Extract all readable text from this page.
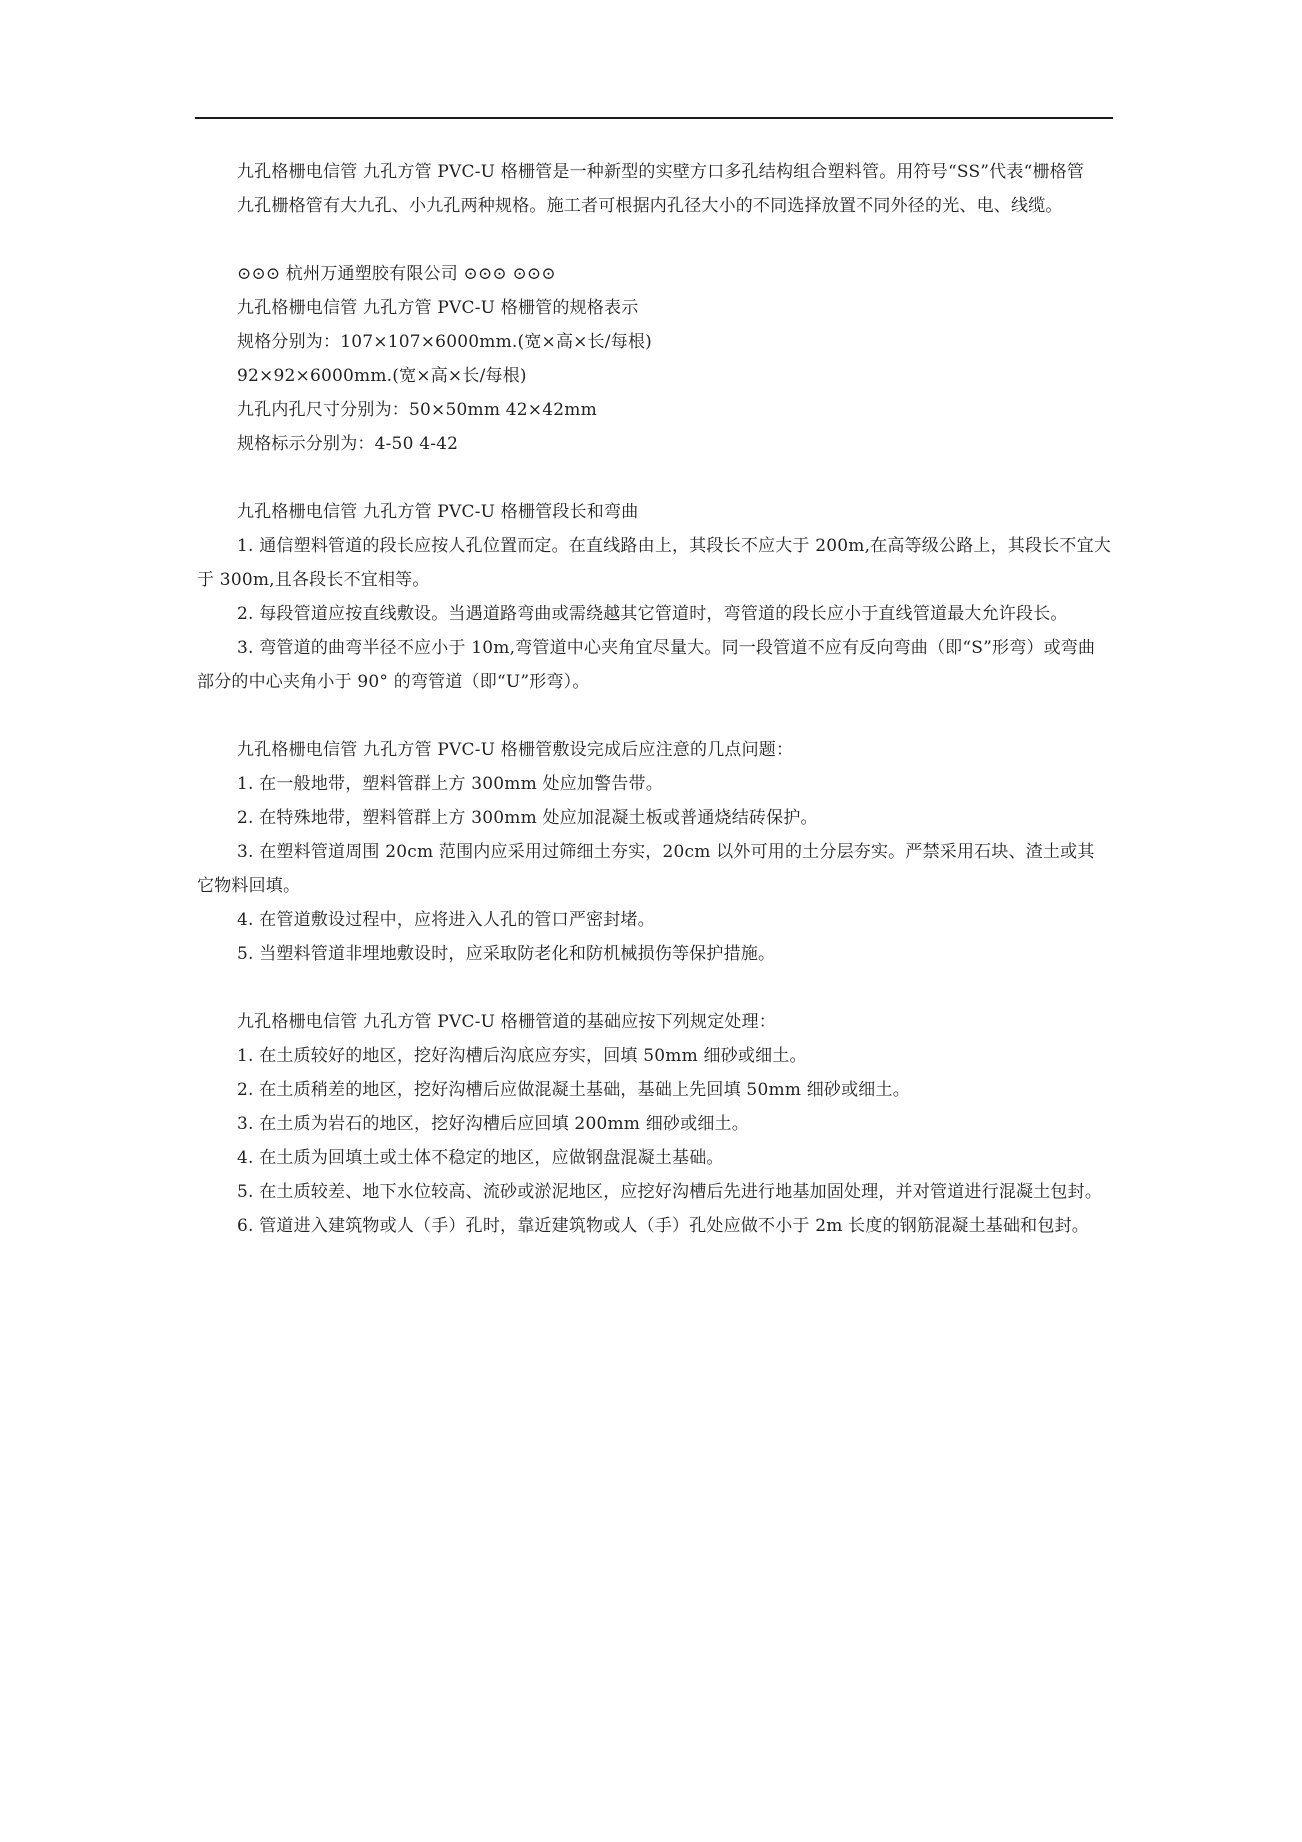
九孔格栅电信管 九孔方管 PVC-U 格栅管是一种新型的实壁方口多孔结构组合塑料管。用符号“SS”代表“栅格管

九孔栅格管有大九孔、小九孔两种规格。施工者可根据内孔径大小的不同选择放置不同外径的光、电、线缆。

⊙⊙⊙ 杭州万通塑胶有限公司 ⊙⊙⊙ ⊙⊙⊙

九孔格栅电信管 九孔方管 PVC-U 格栅管的规格表示

规格分别为：107×107×6000mm.(宽×高×长/每根)

92×92×6000mm.(宽×高×长/每根)

九孔内孔尺寸分别为：50×50mm 42×42mm

规格标示分别为：4-50 4-42

九孔格栅电信管 九孔方管 PVC-U 格栅管段长和弯曲

1. 通信塑料管道的段长应按人孔位置而定。在直线路由上，其段长不应大于 200m,在高等级公路上，其段长不宜大于 300m,且各段长不宜相等。

2. 每段管道应按直线敷设。当遇道路弯曲或需绕越其它管道时，弯管道的段长应小于直线管道最大允许段长。

3. 弯管道的曲弯半径不应小于 10m,弯管道中心夹角宜尽量大。同一段管道不应有反向弯曲（即“S”形弯）或弯曲部分的中心夹角小于 90° 的弯管道（即“U”形弯）。

九孔格栅电信管 九孔方管 PVC-U 格栅管敷设完成后应注意的几点问题：

1. 在一般地带，塑料管群上方 300mm 处应加警告带。

2. 在特殊地带，塑料管群上方 300mm 处应加混凝土板或普通烧结砖保护。

3. 在塑料管道周围 20cm 范围内应采用过筛细土夯实，20cm 以外可用的土分层夯实。严禁采用石块、渣土或其它物料回填。

4. 在管道敷设过程中，应将进入人孔的管口严密封堵。

5. 当塑料管道非埋地敷设时，应采取防老化和防机械损伤等保护措施。

九孔格栅电信管 九孔方管 PVC-U 格栅管道的基础应按下列规定处理：

1. 在土质较好的地区，挖好沟槽后沟底应夯实，回填 50mm 细砂或细土。

2. 在土质稍差的地区，挖好沟槽后应做混凝土基础，基础上先回填 50mm 细砂或细土。

3. 在土质为岩石的地区，挖好沟槽后应回填 200mm 细砂或细土。

4. 在土质为回填土或土体不稳定的地区，应做钢盘混凝土基础。

5. 在土质较差、地下水位较高、流砂或淤泥地区，应挖好沟槽后先进行地基加固处理，并对管道进行混凝土包封。

6. 管道进入建筑物或人（手）孔时，靠近建筑物或人（手）孔处应做不小于 2m 长度的钢筋混凝土基础和包封。
